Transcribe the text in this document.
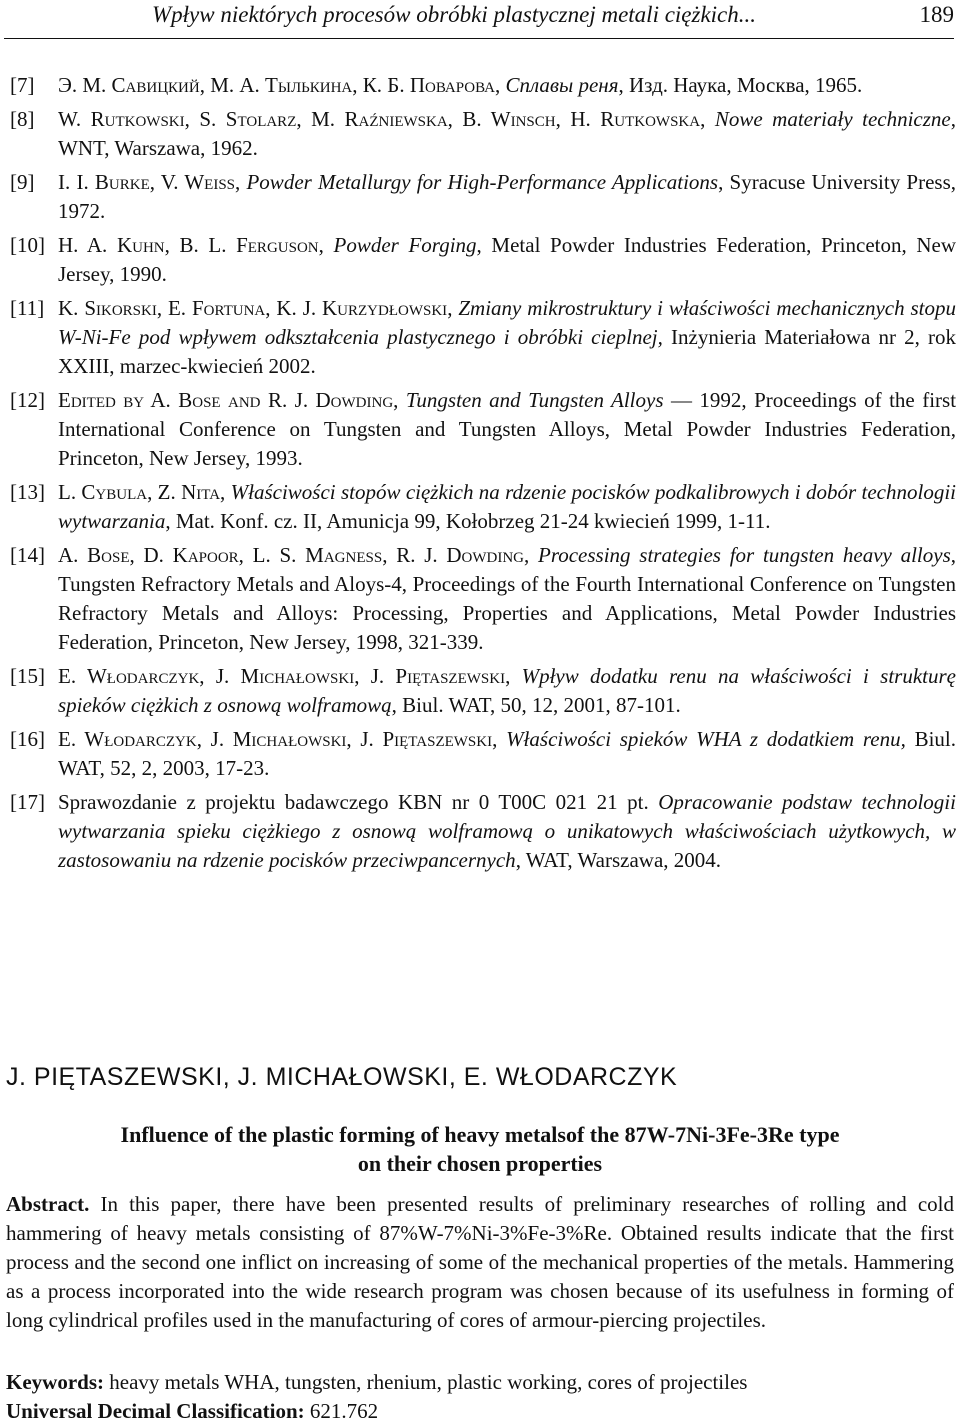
Wpływ niektórych procesów obróbki plastycznej metali ciężkich...	189
[7] Э. М. Савицкий, М. А. Тылькина, К. Б. Поварова, Сплавы реня, Изд. Наука, Москва, 1965.
[8] W. Rutkowski, S. Stolarz, M. Raźniewska, B. Winsch, H. Rutkowska, Nowe materiały techniczne, WNT, Warszawa, 1962.
[9] I. I. Burke, V. Weiss, Powder Metallurgy for High-Performance Applications, Syracuse University Press, 1972.
[10] H. A. Kuhn, B. L. Ferguson, Powder Forging, Metal Powder Industries Federation, Princeton, New Jersey, 1990.
[11] K. Sikorski, E. Fortuna, K. J. Kurzydłowski, Zmiany mikrostruktury i właściwości mechanicznych stopu W-Ni-Fe pod wpływem odkształcenia plastycznego i obróbki cieplnej, Inżynieria Materiałowa nr 2, rok XXIII, marzec-kwiecień 2002.
[12] Edited by A. Bose and R. J. Dowding, Tungsten and Tungsten Alloys — 1992, Proceedings of the first International Conference on Tungsten and Tungsten Alloys, Metal Powder Industries Federation, Princeton, New Jersey, 1993.
[13] L. Cybula, Z. Nita, Właściwości stopów ciężkich na rdzenie pocisków podkalibrowych i dobór technologii wytwarzania, Mat. Konf. cz. II, Amunicja 99, Kołobrzeg 21-24 kwiecień 1999, 1-11.
[14] A. Bose, D. Kapoor, L. S. Magness, R. J. Dowding, Processing strategies for tungsten heavy alloys, Tungsten Refractory Metals and Aloys-4, Proceedings of the Fourth International Conference on Tungsten Refractory Metals and Alloys: Processing, Properties and Applications, Metal Powder Industries Federation, Princeton, New Jersey, 1998, 321-339.
[15] E. Włodarczyk, J. Michałowski, J. Piętaszewski, Wpływ dodatku renu na właściwości i strukturę spieków ciężkich z osnową wolframową, Biul. WAT, 50, 12, 2001, 87-101.
[16] E. Włodarczyk, J. Michałowski, J. Piętaszewski, Właściwości spieków WHA z dodatkiem renu, Biul. WAT, 52, 2, 2003, 17-23.
[17] Sprawozdanie z projektu badawczego KBN nr 0 T00C 021 21 pt. Opracowanie podstaw technologii wytwarzania spieku ciężkiego z osnową wolframową o unikatowych właściwościach użytkowych, w zastosowaniu na rdzenie pocisków przeciwpancernych, WAT, Warszawa, 2004.
J. PIĘTASZEWSKI, J. MICHAŁOWSKI, E. WŁODARCZYK
Influence of the plastic forming of heavy metalsof the 87W-7Ni-3Fe-3Re type
on their chosen properties
Abstract. In this paper, there have been presented results of preliminary researches of rolling and cold hammering of heavy metals consisting of 87%W-7%Ni-3%Fe-3%Re. Obtained results indicate that the first process and the second one inflict on increasing of some of the mechanical properties of the metals. Hammering as a process incorporated into the wide research program was chosen because of its usefulness in forming of long cylindrical profiles used in the manufacturing of cores of armour-piercing projectiles.
Keywords: heavy metals WHA, tungsten, rhenium, plastic working, cores of projectiles
Universal Decimal Classification: 621.762
